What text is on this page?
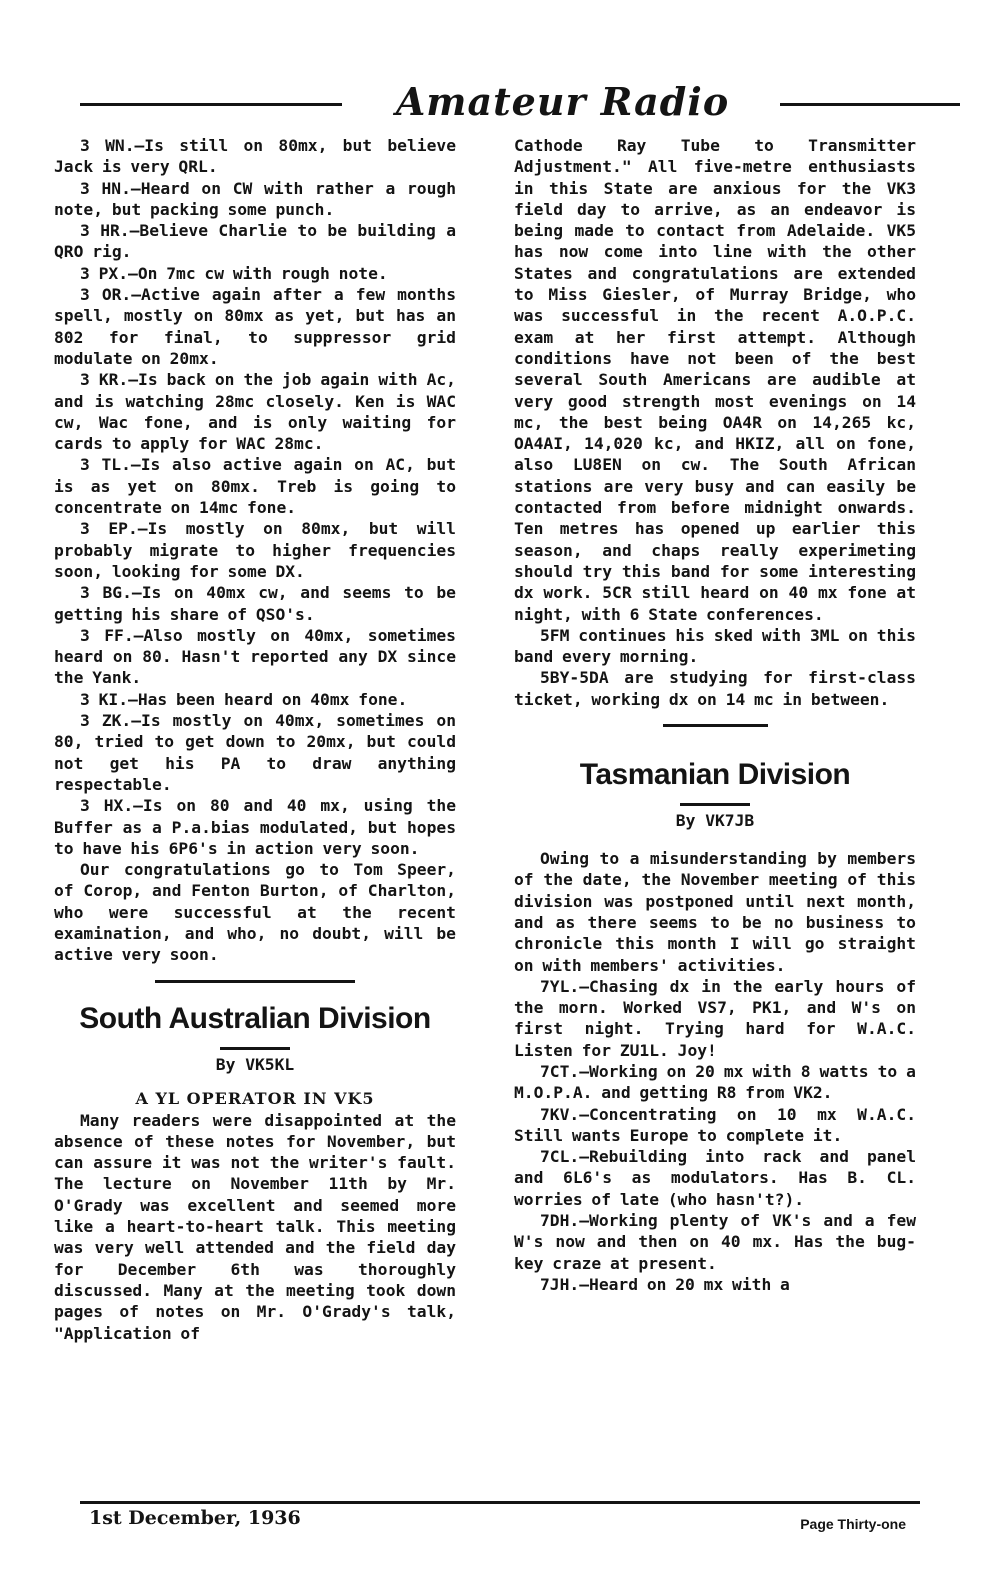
Amateur Radio

3 WN.—Is still on 80mx, but believe Jack is very QRL.

3 HN.—Heard on CW with rather a rough note, but packing some punch.

3 HR.—Believe Charlie to be building a QRO rig.

3 PX.—On 7mc cw with rough note.

3 OR.—Active again after a few months spell, mostly on 80mx as yet, but has an 802 for final, to suppressor grid modulate on 20mx.

3 KR.—Is back on the job again with Ac, and is watching 28mc closely. Ken is WAC cw, Wac fone, and is only waiting for cards to apply for WAC 28mc.

3 TL.—Is also active again on AC, but is as yet on 80mx. Treb is going to concentrate on 14mc fone.

3 EP.—Is mostly on 80mx, but will probably migrate to higher frequencies soon, looking for some DX.

3 BG.—Is on 40mx cw, and seems to be getting his share of QSO's.

3 FF.—Also mostly on 40mx, sometimes heard on 80. Hasn't reported any DX since the Yank.

3 KI.—Has been heard on 40mx fone.

3 ZK.—Is mostly on 40mx, sometimes on 80, tried to get down to 20mx, but could not get his PA to draw anything respectable.

3 HX.—Is on 80 and 40 mx, using the Buffer as a P.a.bias modulated, but hopes to have his 6P6's in action very soon.

Our congratulations go to Tom Speer, of Corop, and Fenton Burton, of Charlton, who were successful at the recent examination, and who, no doubt, will be active very soon.

South Australian Division
By VK5KL
A YL OPERATOR IN VK5

Many readers were disappointed at the absence of these notes for November, but can assure it was not the writer's fault. The lecture on November 11th by Mr. O'Grady was excellent and seemed more like a heart-to-heart talk. This meeting was very well attended and the field day for December 6th was thoroughly discussed. Many at the meeting took down pages of notes on Mr. O'Grady's talk, "Application of

Cathode Ray Tube to Transmitter Adjustment." All five-metre enthusiasts in this State are anxious for the VK3 field day to arrive, as an endeavor is being made to contact from Adelaide. VK5 has now come into line with the other States and congratulations are extended to Miss Giesler, of Murray Bridge, who was successful in the recent A.O.P.C. exam at her first attempt. Although conditions have not been of the best several South Americans are audible at very good strength most evenings on 14 mc, the best being OA4R on 14,265 kc, OA4AI, 14,020 kc, and HKIZ, all on fone, also LU8EN on cw. The South African stations are very busy and can easily be contacted from before midnight onwards. Ten metres has opened up earlier this season, and chaps really experimeting should try this band for some interesting dx work. 5CR still heard on 40 mx fone at night, with 6 State conferences.

5FM continues his sked with 3ML on this band every morning.

5BY-5DA are studying for first-class ticket, working dx on 14 mc in between.

Tasmanian Division
By VK7JB

Owing to a misunderstanding by members of the date, the November meeting of this division was postponed until next month, and as there seems to be no business to chronicle this month I will go straight on with members' activities.

7YL.—Chasing dx in the early hours of the morn. Worked VS7, PK1, and W's on first night. Trying hard for W.A.C. Listen for ZU1L. Joy!

7CT.—Working on 20 mx with 8 watts to a M.O.P.A. and getting R8 from VK2.

7KV.—Concentrating on 10 mx W.A.C. Still wants Europe to complete it.

7CL.—Rebuilding into rack and panel and 6L6's as modulators. Has B. CL. worries of late (who hasn't?).

7DH.—Working plenty of VK's and a few W's now and then on 40 mx. Has the bug-key craze at present.

7JH.—Heard on 20 mx with a

1st December, 1936	Page Thirty-one
